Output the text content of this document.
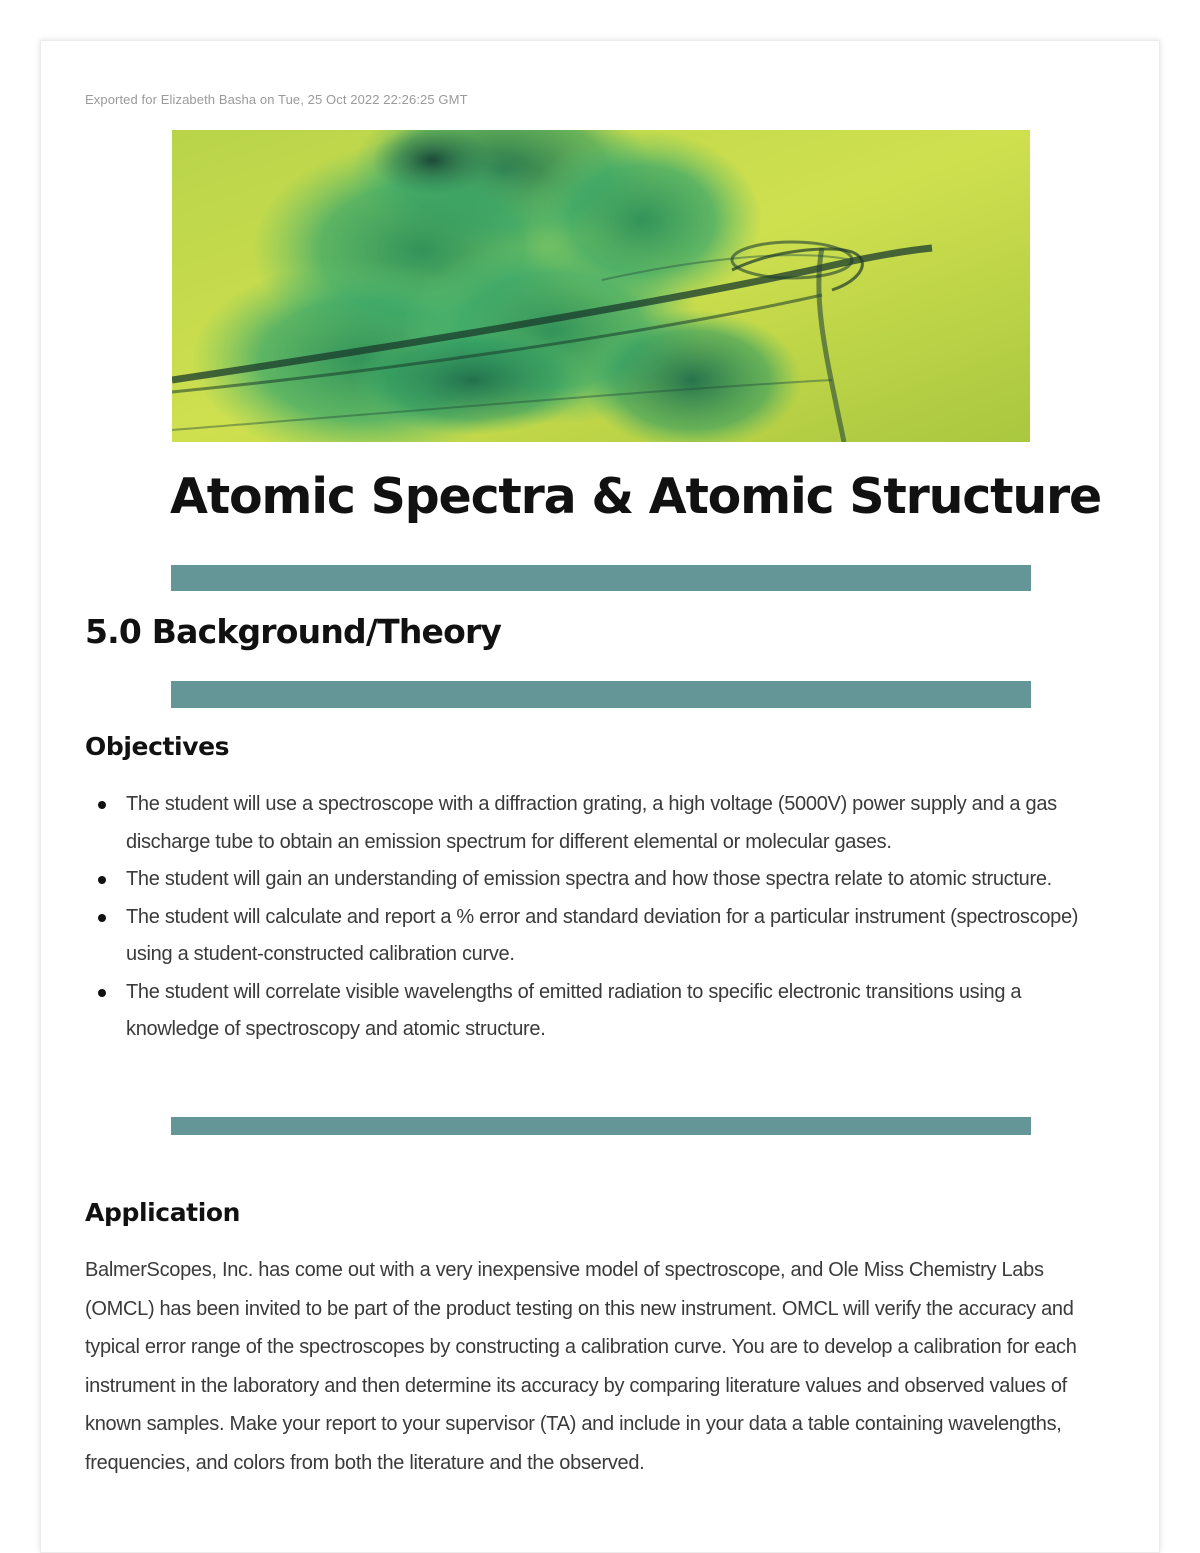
Exported for Elizabeth Basha on Tue, 25 Oct 2022 22:26:25 GMT
Atomic Spectra & Atomic Structure
5.0 Background/Theory
Objectives
The student will use a spectroscope with a diffraction grating, a high voltage (5000V) power supply and a gas discharge tube to obtain an emission spectrum for different elemental or molecular gases.
The student will gain an understanding of emission spectra and how those spectra relate to atomic structure.
The student will calculate and report a % error and standard deviation for a particular instrument (spectroscope) using a student-constructed calibration curve.
The student will correlate visible wavelengths of emitted radiation to specific electronic transitions using a knowledge of spectroscopy and atomic structure.
Application

BalmerScopes, Inc. has come out with a very inexpensive model of spectroscope, and Ole Miss Chemistry Labs (OMCL) has been invited to be part of the product testing on this new instrument. OMCL will verify the accuracy and typical error range of the spectroscopes by constructing a calibration curve. You are to develop a calibration for each instrument in the laboratory and then determine its accuracy by comparing literature values and observed values of known samples. Make your report to your supervisor (TA) and include in your data a table containing wavelengths, frequencies, and colors from both the literature and the observed.
